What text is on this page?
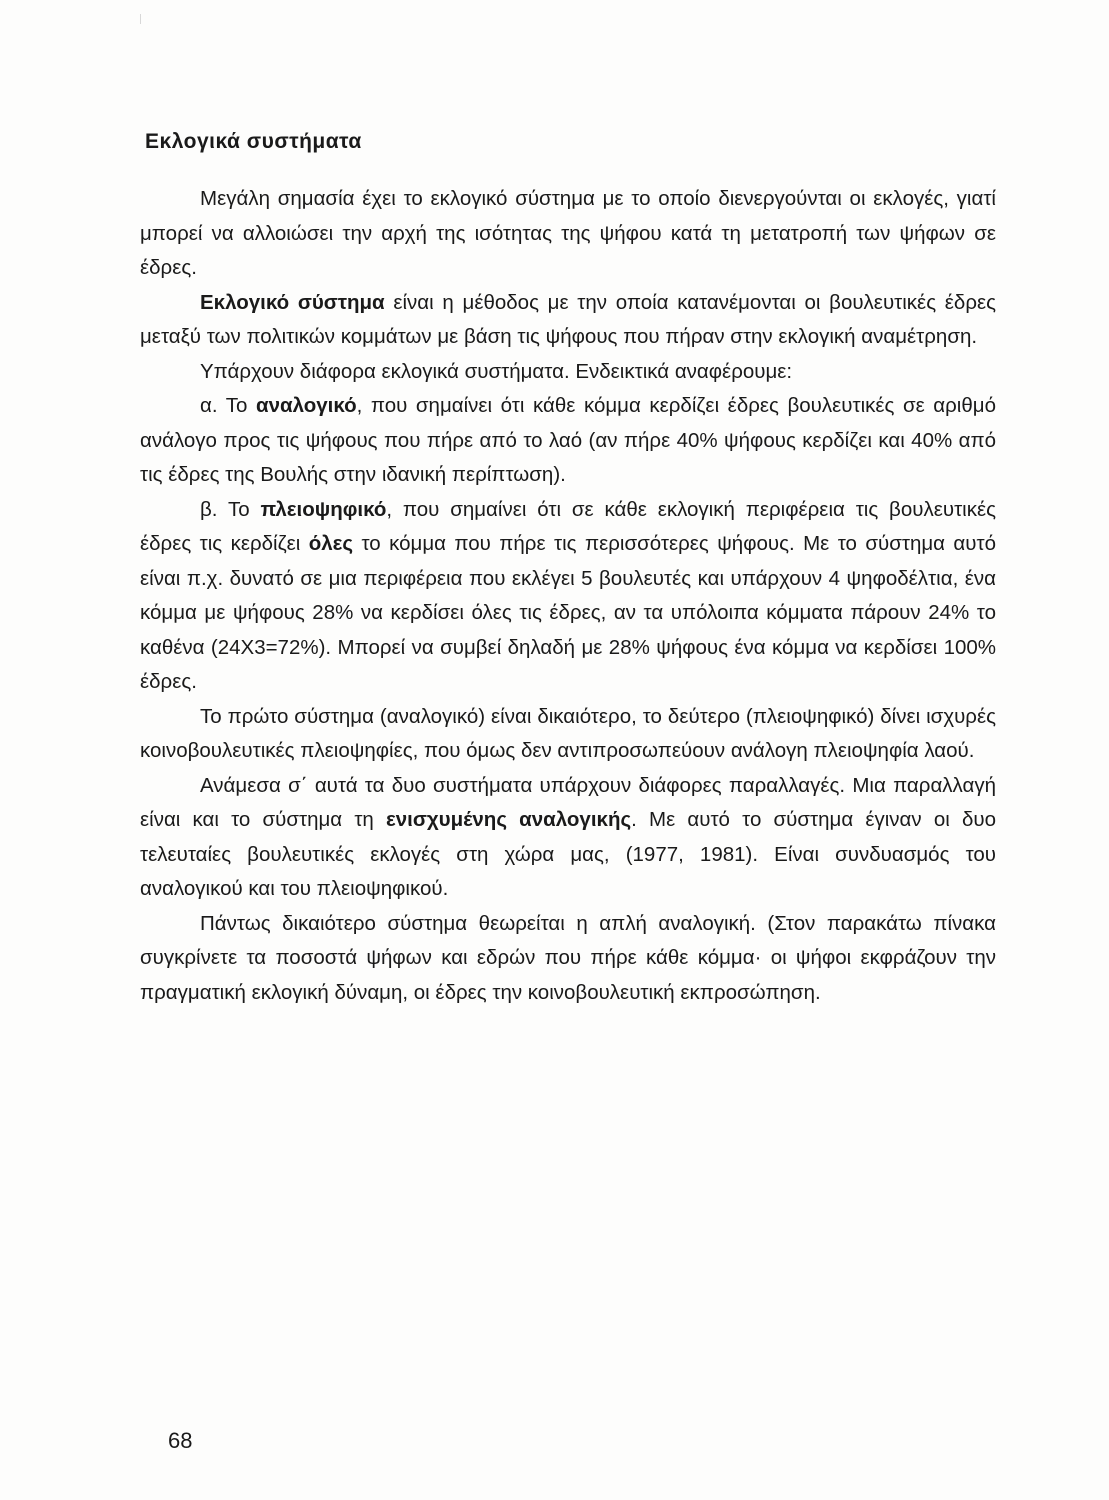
Εκλογικά συστήματα

Μεγάλη σημασία έχει το εκλογικό σύστημα με το οποίο διενεργούνται οι εκλογές, γιατί μπορεί να αλλοιώσει την αρχή της ισότητας της ψήφου κατά τη μετατροπή των ψήφων σε έδρες.

Εκλογικό σύστημα είναι η μέθοδος με την οποία κατανέμονται οι βουλευτικές έδρες μεταξύ των πολιτικών κομμάτων με βάση τις ψήφους που πήραν στην εκλογική αναμέτρηση.

Υπάρχουν διάφορα εκλογικά συστήματα. Ενδεικτικά αναφέρουμε:

α. Το αναλογικό, που σημαίνει ότι κάθε κόμμα κερδίζει έδρες βουλευτικές σε αριθμό ανάλογο προς τις ψήφους που πήρε από το λαό (αν πήρε 40% ψήφους κερδίζει και 40% από τις έδρες της Βουλής στην ιδανική περίπτωση).

β. Το πλειοψηφικό, που σημαίνει ότι σε κάθε εκλογική περιφέρεια τις βουλευτικές έδρες τις κερδίζει όλες το κόμμα που πήρε τις περισσότερες ψήφους. Με το σύστημα αυτό είναι π.χ. δυνατό σε μια περιφέρεια που εκλέγει 5 βουλευτές και υπάρχουν 4 ψηφοδέλτια, ένα κόμμα με ψήφους 28% να κερδίσει όλες τις έδρες, αν τα υπόλοιπα κόμματα πάρουν 24% το καθένα (24Χ3=72%). Μπορεί να συμβεί δηλαδή με 28% ψήφους ένα κόμμα να κερδίσει 100% έδρες.

Το πρώτο σύστημα (αναλογικό) είναι δικαιότερο, το δεύτερο (πλειοψηφικό) δίνει ισχυρές κοινοβουλευτικές πλειοψηφίες, που όμως δεν αντιπροσωπεύουν ανάλογη πλειοψηφία λαού.

Ανάμεσα σ΄ αυτά τα δυο συστήματα υπάρχουν διάφορες παραλλαγές. Μια παραλλαγή είναι και το σύστημα τη ενισχυμένης αναλογικής. Με αυτό το σύστημα έγιναν οι δυο τελευταίες βουλευτικές εκλογές στη χώρα μας, (1977, 1981). Είναι συνδυασμός του αναλογικού και του πλειοψηφικού.

Πάντως δικαιότερο σύστημα θεωρείται η απλή αναλογική. (Στον παρακάτω πίνακα συγκρίνετε τα ποσοστά ψήφων και εδρών που πήρε κάθε κόμμα· οι ψήφοι εκφράζουν την πραγματική εκλογική δύναμη, οι έδρες την κοινοβουλευτική εκπροσώπηση.

68
